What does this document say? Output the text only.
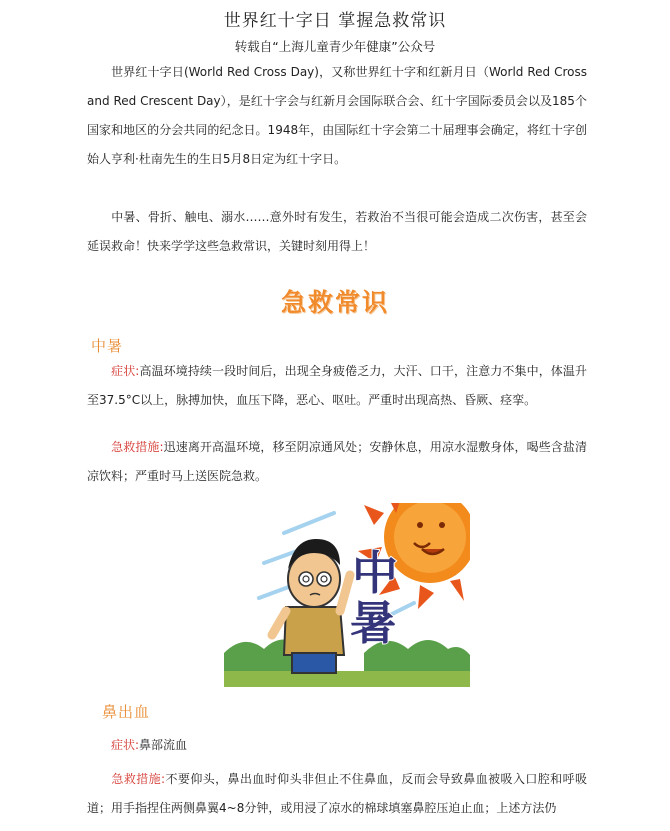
世界红十字日 掌握急救常识
转载自“上海儿童青少年健康”公众号
世界红十字日(World Red Cross Day)，又称世界红十字和红新月日（World Red Cross and Red Crescent Day），是红十字会与红新月会国际联合会、红十字国际委员会以及185个国家和地区的分会共同的纪念日。1948年，由国际红十字会第二十届理事会确定，将红十字创始人亨利·杜南先生的生日5月8日定为红十字日。
中暑、骨折、触电、溺水……意外时有发生，若救治不当很可能会造成二次伤害，甚至会延误救命！快来学学这些急救常识，关键时刻用得上！
急救常识
中暑
症状:高温环境持续一段时间后，出现全身疲倦乏力，大汗、口干，注意力不集中，体温升至37.5°C以上，脉搏加快，血压下降，恶心、呕吐。严重时出现高热、昏厥、痉挛。
急救措施:迅速离开高温环境，移至阴凉通风处；安静休息，用凉水湿敷身体，喝些含盐清凉饮料；严重时马上送医院急救。
中
暑
鼻出血
症状:鼻部流血
急救措施:不要仰头，鼻出血时仰头非但止不住鼻血，反而会导致鼻血被吸入口腔和呼吸道；用手指捏住两侧鼻翼4~8分钟，或用浸了凉水的棉球填塞鼻腔压迫止血；上述方法仍
